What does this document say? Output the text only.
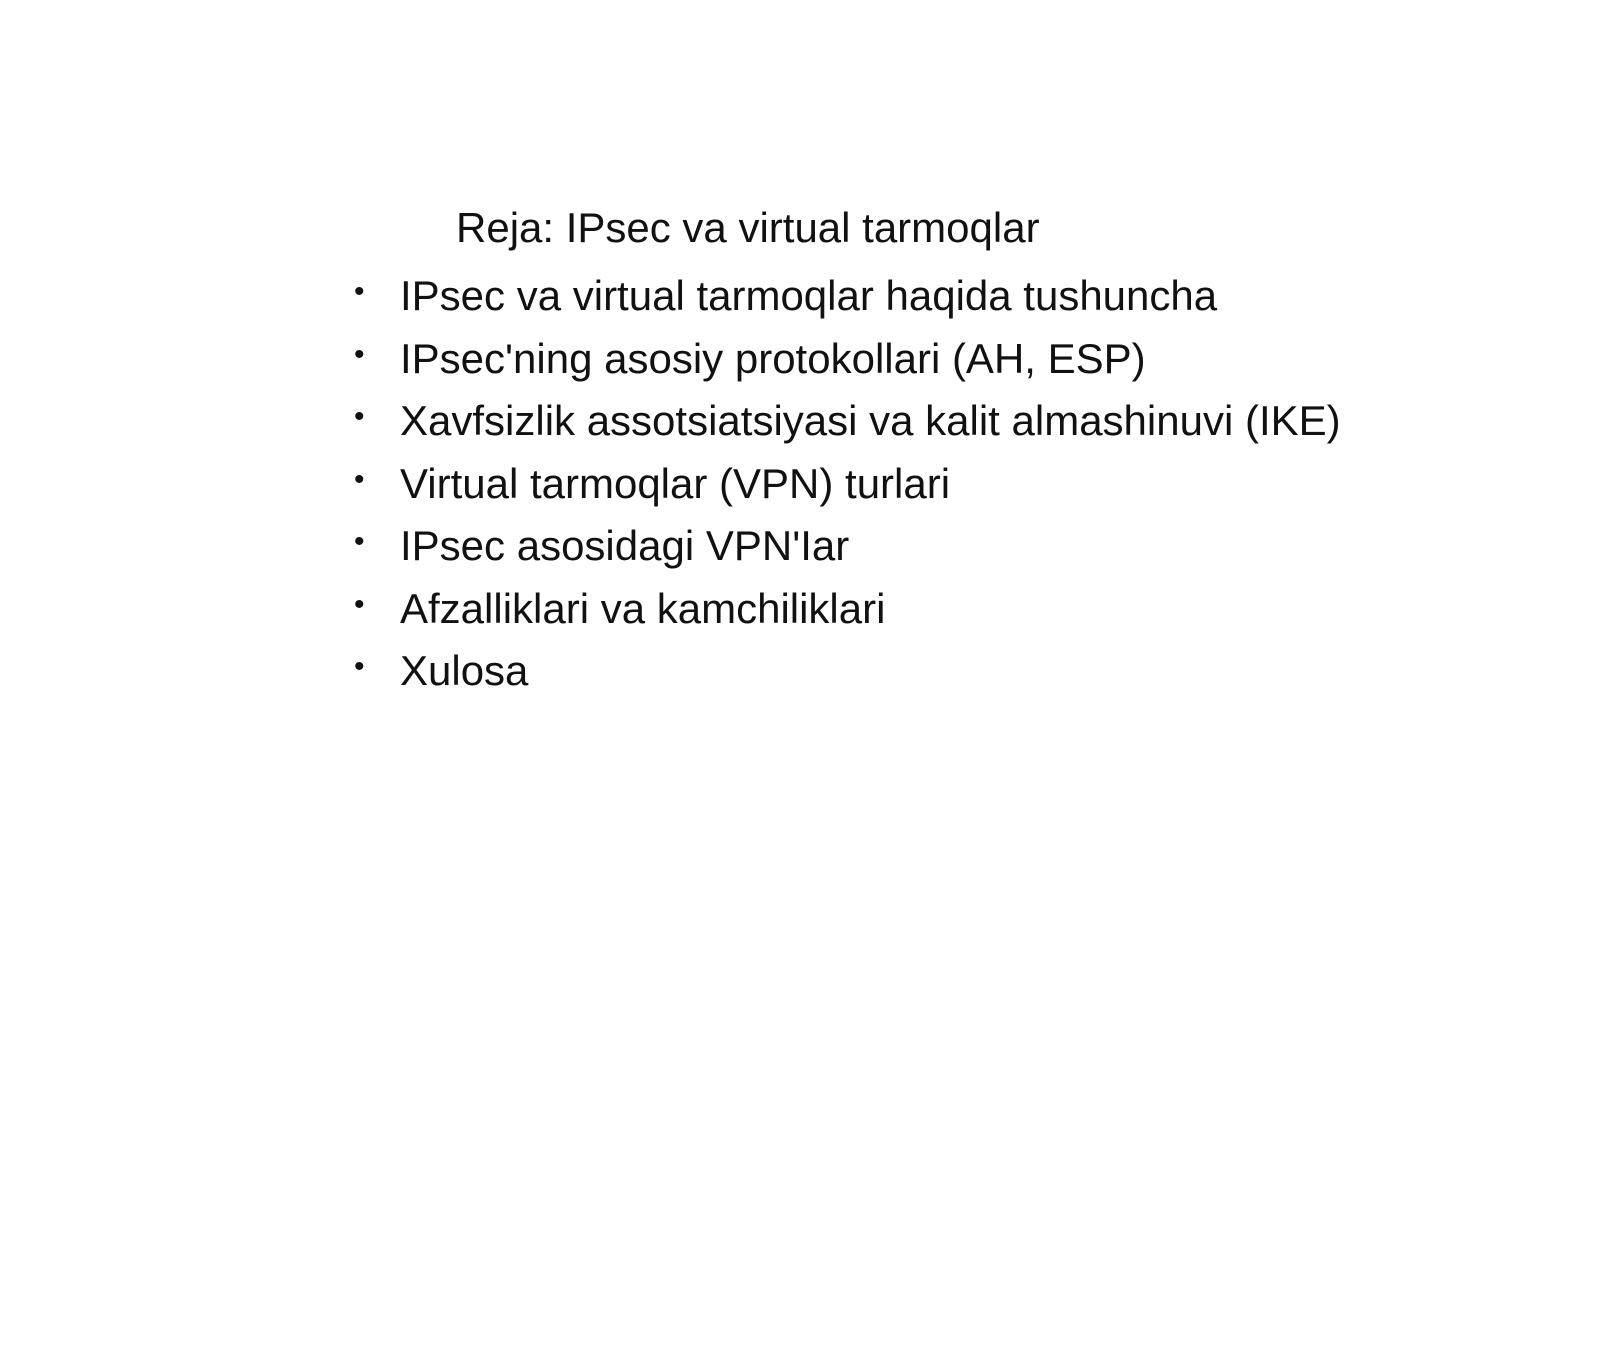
Reja: IPsec va virtual tarmoqlar
• IPsec va virtual tarmoqlar haqida tushuncha
• IPsec'ning asosiy protokollari (AH, ESP)
• Xavfsizlik assotsiatsiyasi va kalit almashinuvi (IKE)
• Virtual tarmoqlar (VPN) turlari
• IPsec asosidagi VPN'Iar
• Afzalliklari va kamchiliklari
• Xulosa
